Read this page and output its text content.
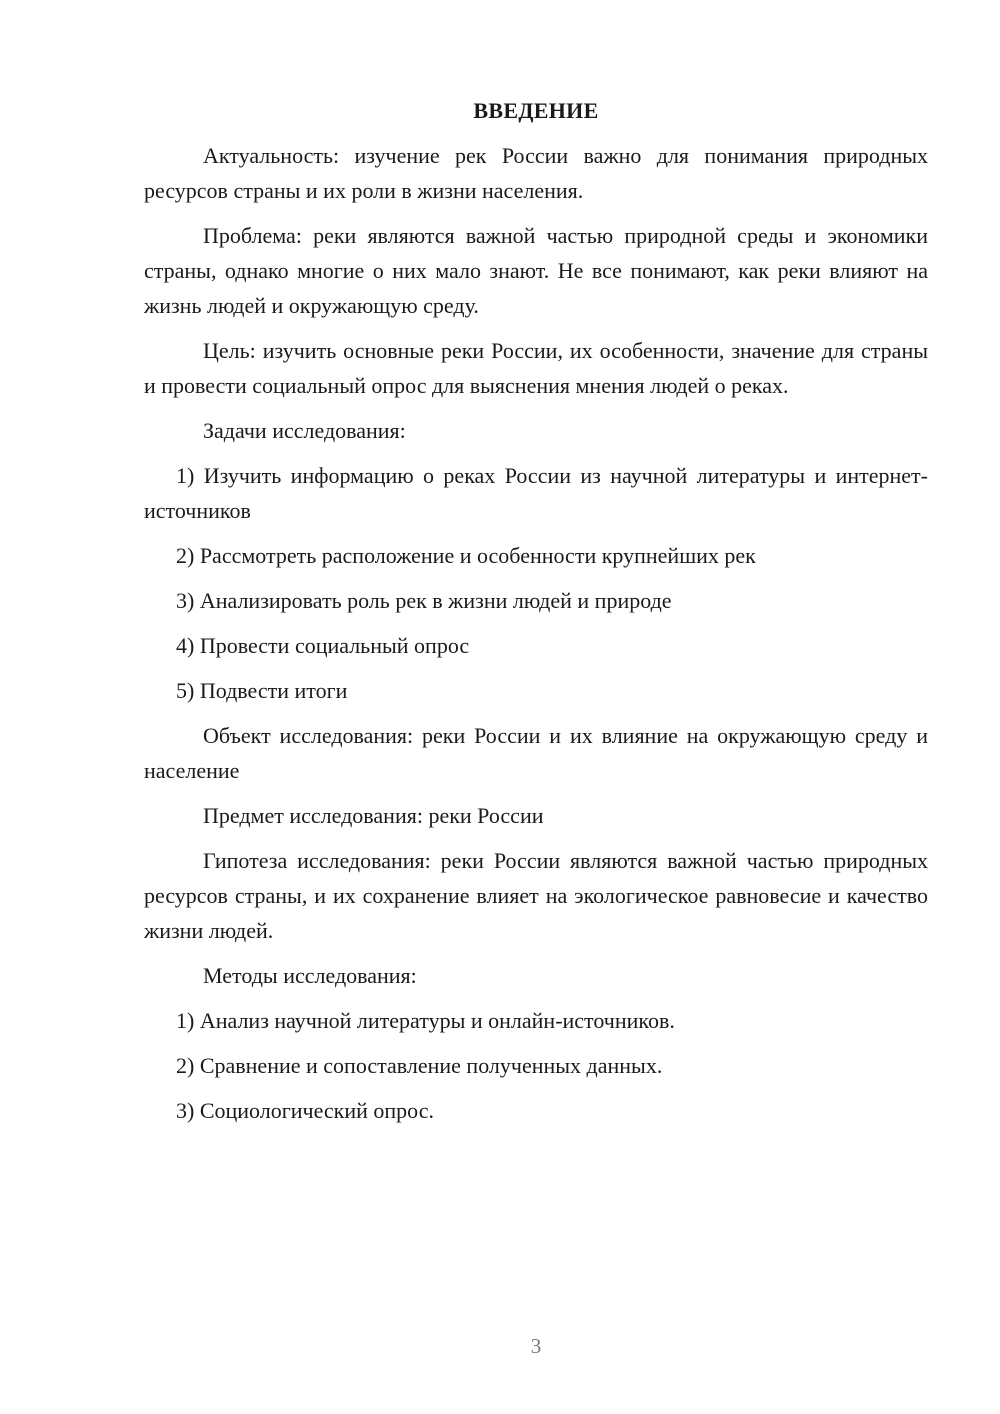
ВВЕДЕНИЕ

Актуальность: изучение рек России важно для понимания природных ресурсов страны и их роли в жизни населения.

Проблема: реки являются важной частью природной среды и экономики страны, однако многие о них мало знают. Не все понимают, как реки влияют на жизнь людей и окружающую среду.

Цель: изучить основные реки России, их особенности, значение для страны и провести социальный опрос для выяснения мнения людей о реках.

Задачи исследования:

1) Изучить информацию о реках России из научной литературы и интернет-источников

2) Рассмотреть расположение и особенности крупнейших рек

3) Анализировать роль рек в жизни людей и природе

4) Провести социальный опрос

5) Подвести итоги

Объект исследования: реки России и их влияние на окружающую среду и население

Предмет исследования: реки России

Гипотеза исследования: реки России являются важной частью природных ресурсов страны, и их сохранение влияет на экологическое равновесие и качество жизни людей.

Методы исследования:

1) Анализ научной литературы и онлайн-источников.

2) Сравнение и сопоставление полученных данных.

3) Социологический опрос.

3
